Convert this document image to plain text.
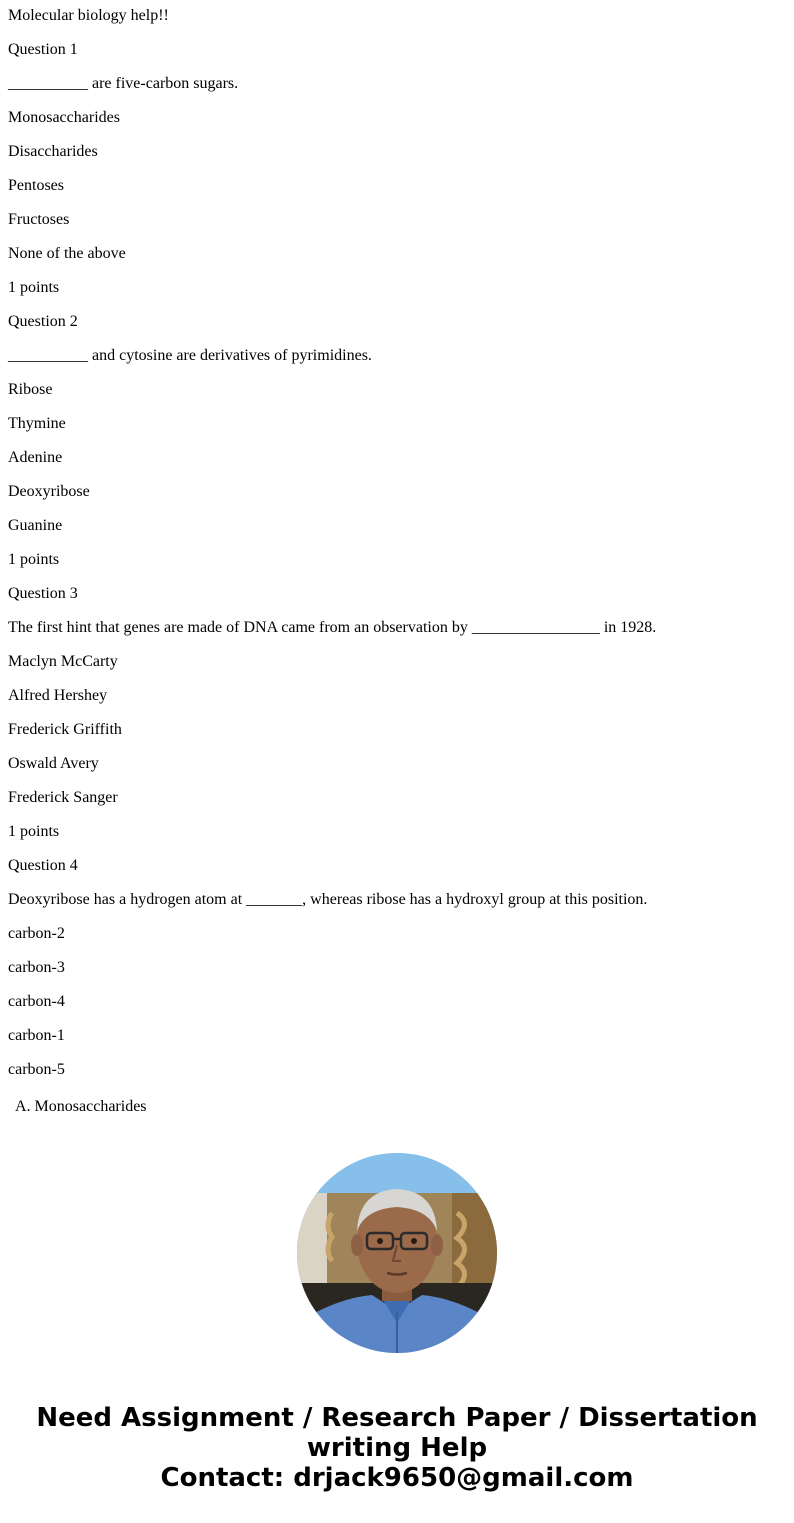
Molecular biology help!!

Question 1

__________ are five-carbon sugars.

Monosaccharides

Disaccharides

Pentoses

Fructoses

None of the above

1 points

Question 2

__________ and cytosine are derivatives of pyrimidines.

Ribose

Thymine

Adenine

Deoxyribose

Guanine

1 points

Question 3

The first hint that genes are made of DNA came from an observation by ________________ in 1928.

Maclyn McCarty

Alfred Hershey

Frederick Griffith

Oswald Avery

Frederick Sanger

1 points

Question 4

Deoxyribose has a hydrogen atom at _______, whereas ribose has a hydroxyl group at this position.

carbon-2

carbon-3

carbon-4

carbon-1

carbon-5

A. Monosaccharides
Need Assignment / Research Paper / Dissertation
writing Help
Contact: drjack9650@gmail.com
